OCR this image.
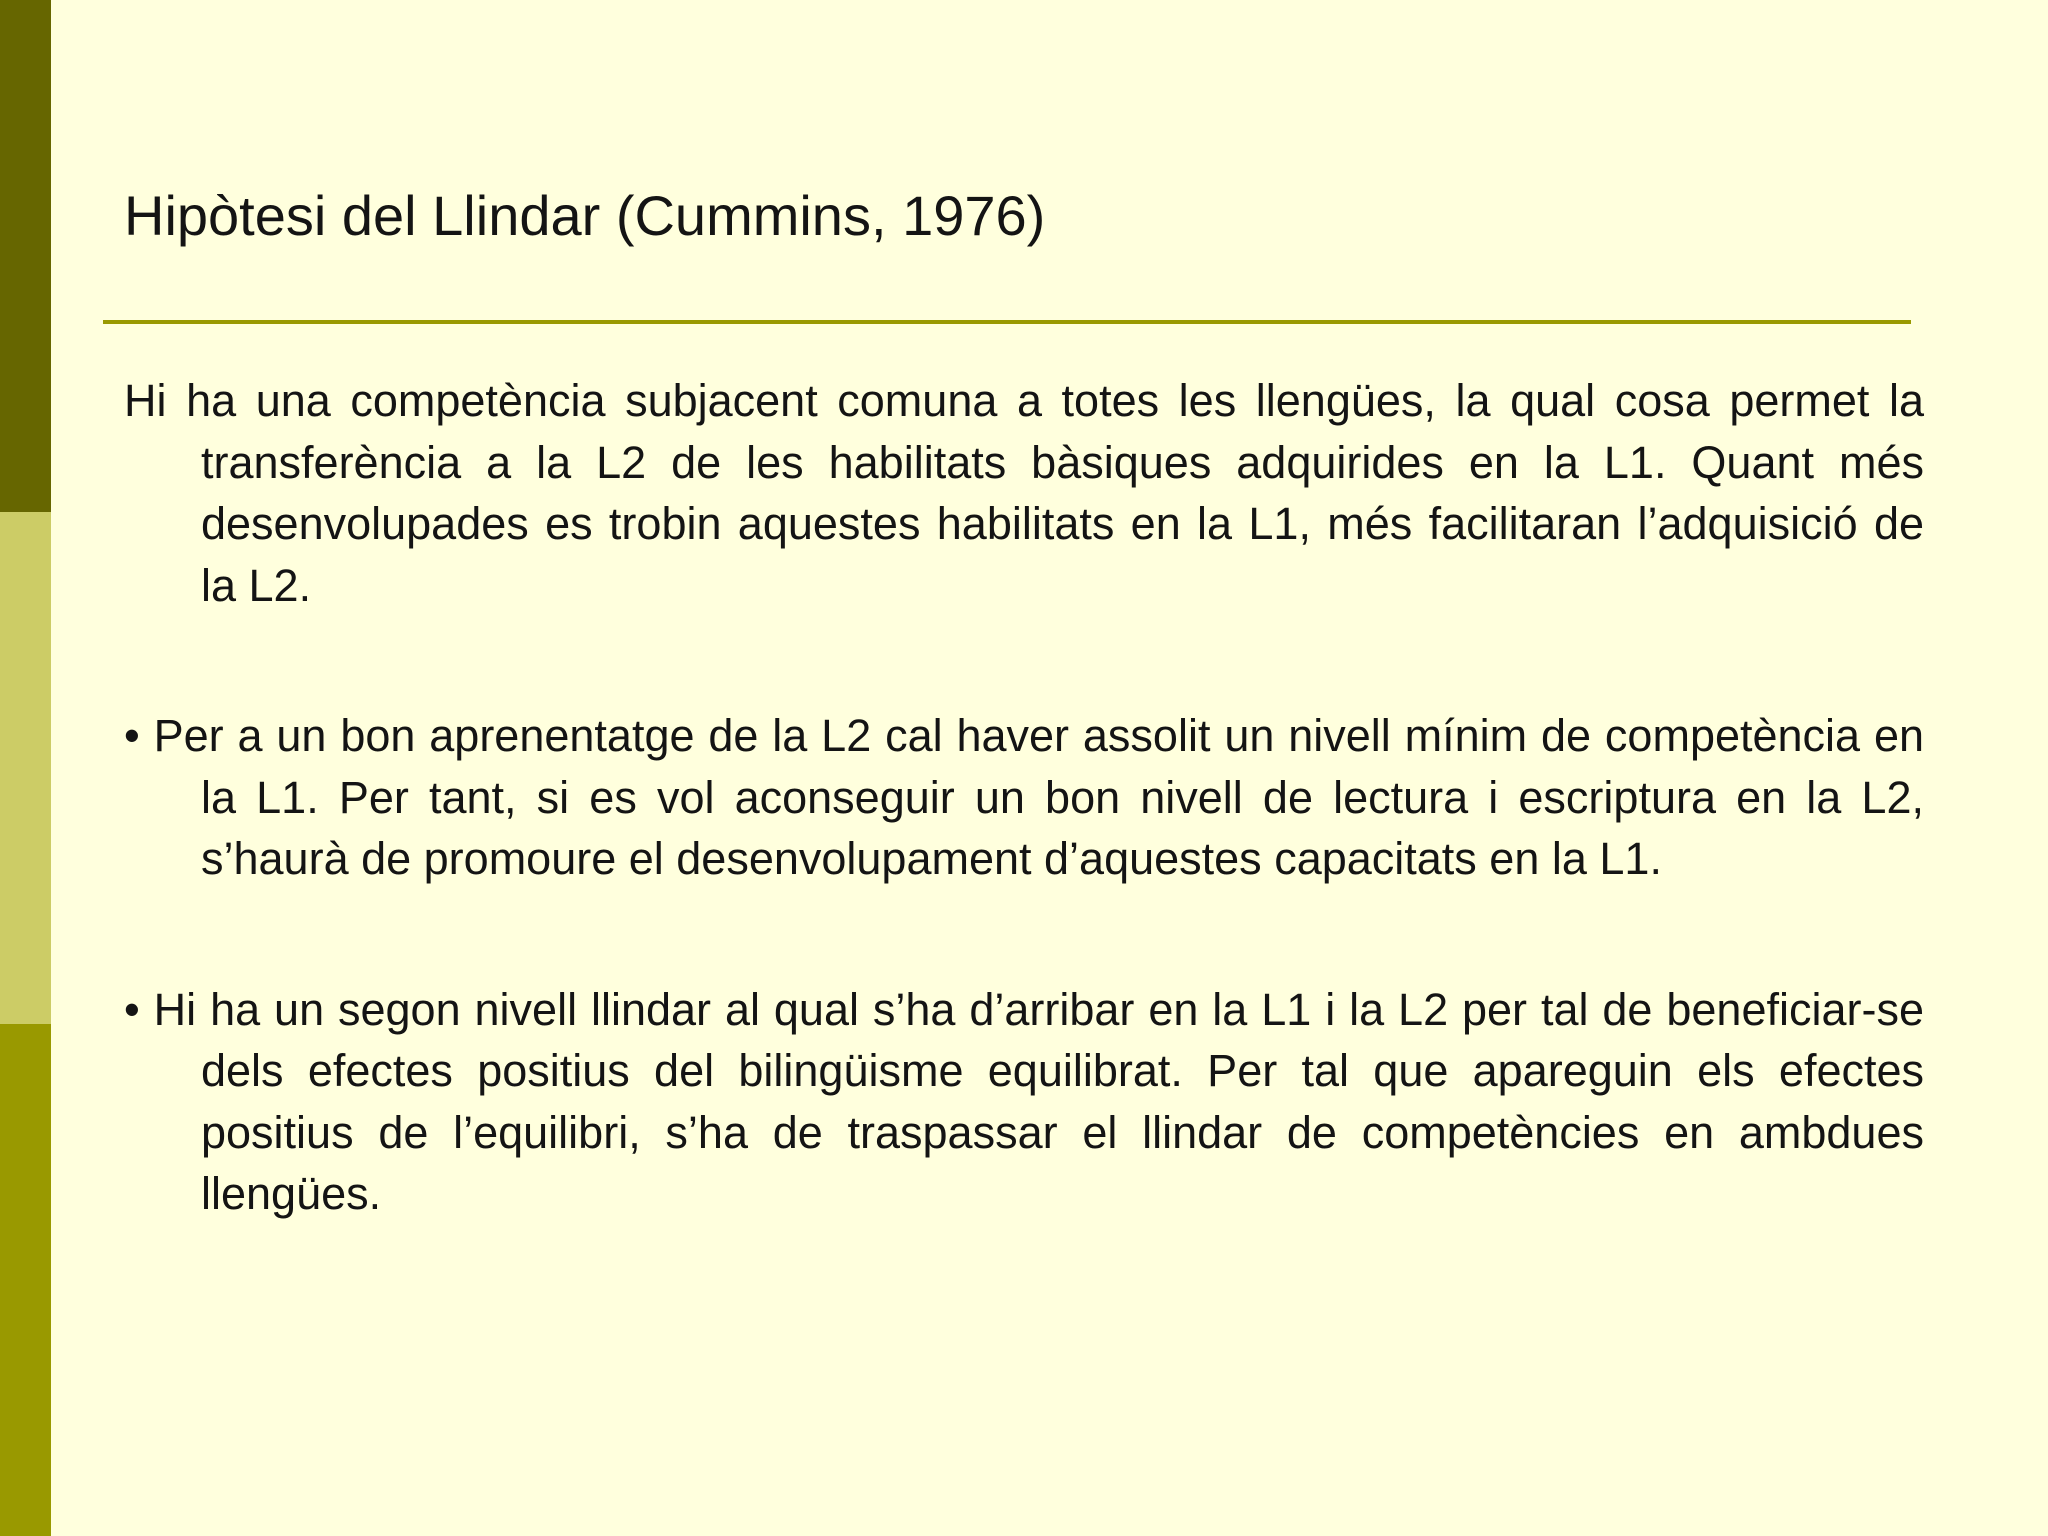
Hipòtesi del Llindar (Cummins, 1976)

Hi ha una competència subjacent comuna a totes les llengües, la qual cosa permet la transferència a la L2 de les habilitats bàsiques adquirides en la L1. Quant més desenvolupades es trobin aquestes habilitats en la L1, més facilitaran l’adquisició de la L2.

• Per a un bon aprenentatge de la L2 cal haver assolit un nivell mínim de competència en la L1. Per tant, si es vol aconseguir un bon nivell de lectura i escriptura en la L2, s’haurà de promoure el desenvolupament d’aquestes capacitats en la L1.

• Hi ha un segon nivell llindar al qual s’ha d’arribar en la L1 i la L2 per tal de beneficiar-se dels efectes positius del bilingüisme equilibrat. Per tal que apareguin els efectes positius de l’equilibri, s’ha de traspassar el llindar de competències en ambdues llengües.
